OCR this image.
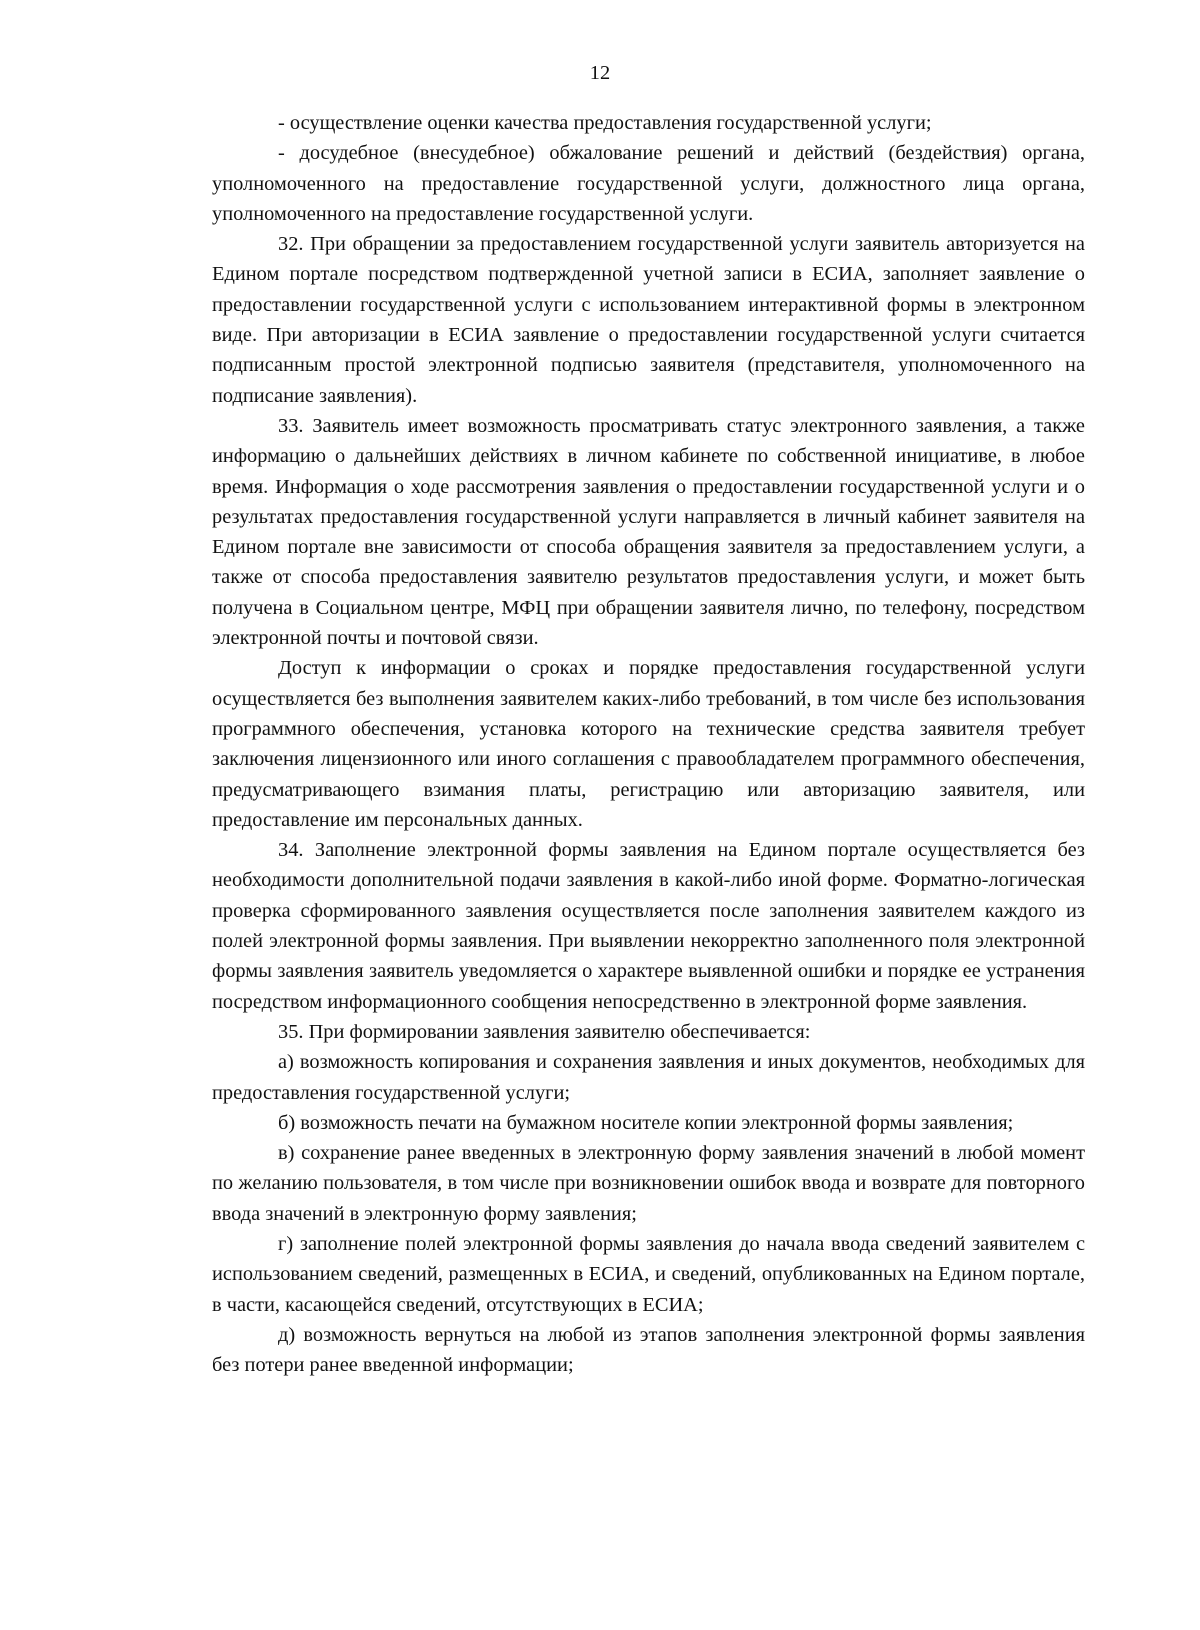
12

- осуществление оценки качества предоставления государственной услуги;

- досудебное (внесудебное) обжалование решений и действий (бездействия) органа, уполномоченного на предоставление государственной услуги, должностного лица органа, уполномоченного на предоставление государственной услуги.

32. При обращении за предоставлением государственной услуги заявитель авторизуется на Едином портале посредством подтвержденной учетной записи в ЕСИА, заполняет заявление о предоставлении государственной услуги с использованием интерактивной формы в электронном виде. При авторизации в ЕСИА заявление о предоставлении государственной услуги считается подписанным простой электронной подписью заявителя (представителя, уполномоченного на подписание заявления).

33. Заявитель имеет возможность просматривать статус электронного заявления, а также информацию о дальнейших действиях в личном кабинете по собственной инициативе, в любое время. Информация о ходе рассмотрения заявления о предоставлении государственной услуги и о результатах предоставления государственной услуги направляется в личный кабинет заявителя на Едином портале вне зависимости от способа обращения заявителя за предоставлением услуги, а также от способа предоставления заявителю результатов предоставления услуги, и может быть получена в Социальном центре, МФЦ при обращении заявителя лично, по телефону, посредством электронной почты и почтовой связи.

Доступ к информации о сроках и порядке предоставления государственной услуги осуществляется без выполнения заявителем каких-либо требований, в том числе без использования программного обеспечения, установка которого на технические средства заявителя требует заключения лицензионного или иного соглашения с правообладателем программного обеспечения, предусматривающего взимания платы, регистрацию или авторизацию заявителя, или предоставление им персональных данных.

34. Заполнение электронной формы заявления на Едином портале осуществляется без необходимости дополнительной подачи заявления в какой-либо иной форме. Форматно-логическая проверка сформированного заявления осуществляется после заполнения заявителем каждого из полей электронной формы заявления. При выявлении некорректно заполненного поля электронной формы заявления заявитель уведомляется о характере выявленной ошибки и порядке ее устранения посредством информационного сообщения непосредственно в электронной форме заявления.

35. При формировании заявления заявителю обеспечивается:

а) возможность копирования и сохранения заявления и иных документов, необходимых для предоставления государственной услуги;

б) возможность печати на бумажном носителе копии электронной формы заявления;

в) сохранение ранее введенных в электронную форму заявления значений в любой момент по желанию пользователя, в том числе при возникновении ошибок ввода и возврате для повторного ввода значений в электронную форму заявления;

г) заполнение полей электронной формы заявления до начала ввода сведений заявителем с использованием сведений, размещенных в ЕСИА, и сведений, опубликованных на Едином портале, в части, касающейся сведений, отсутствующих в ЕСИА;

д) возможность вернуться на любой из этапов заполнения электронной формы заявления без потери ранее введенной информации;
